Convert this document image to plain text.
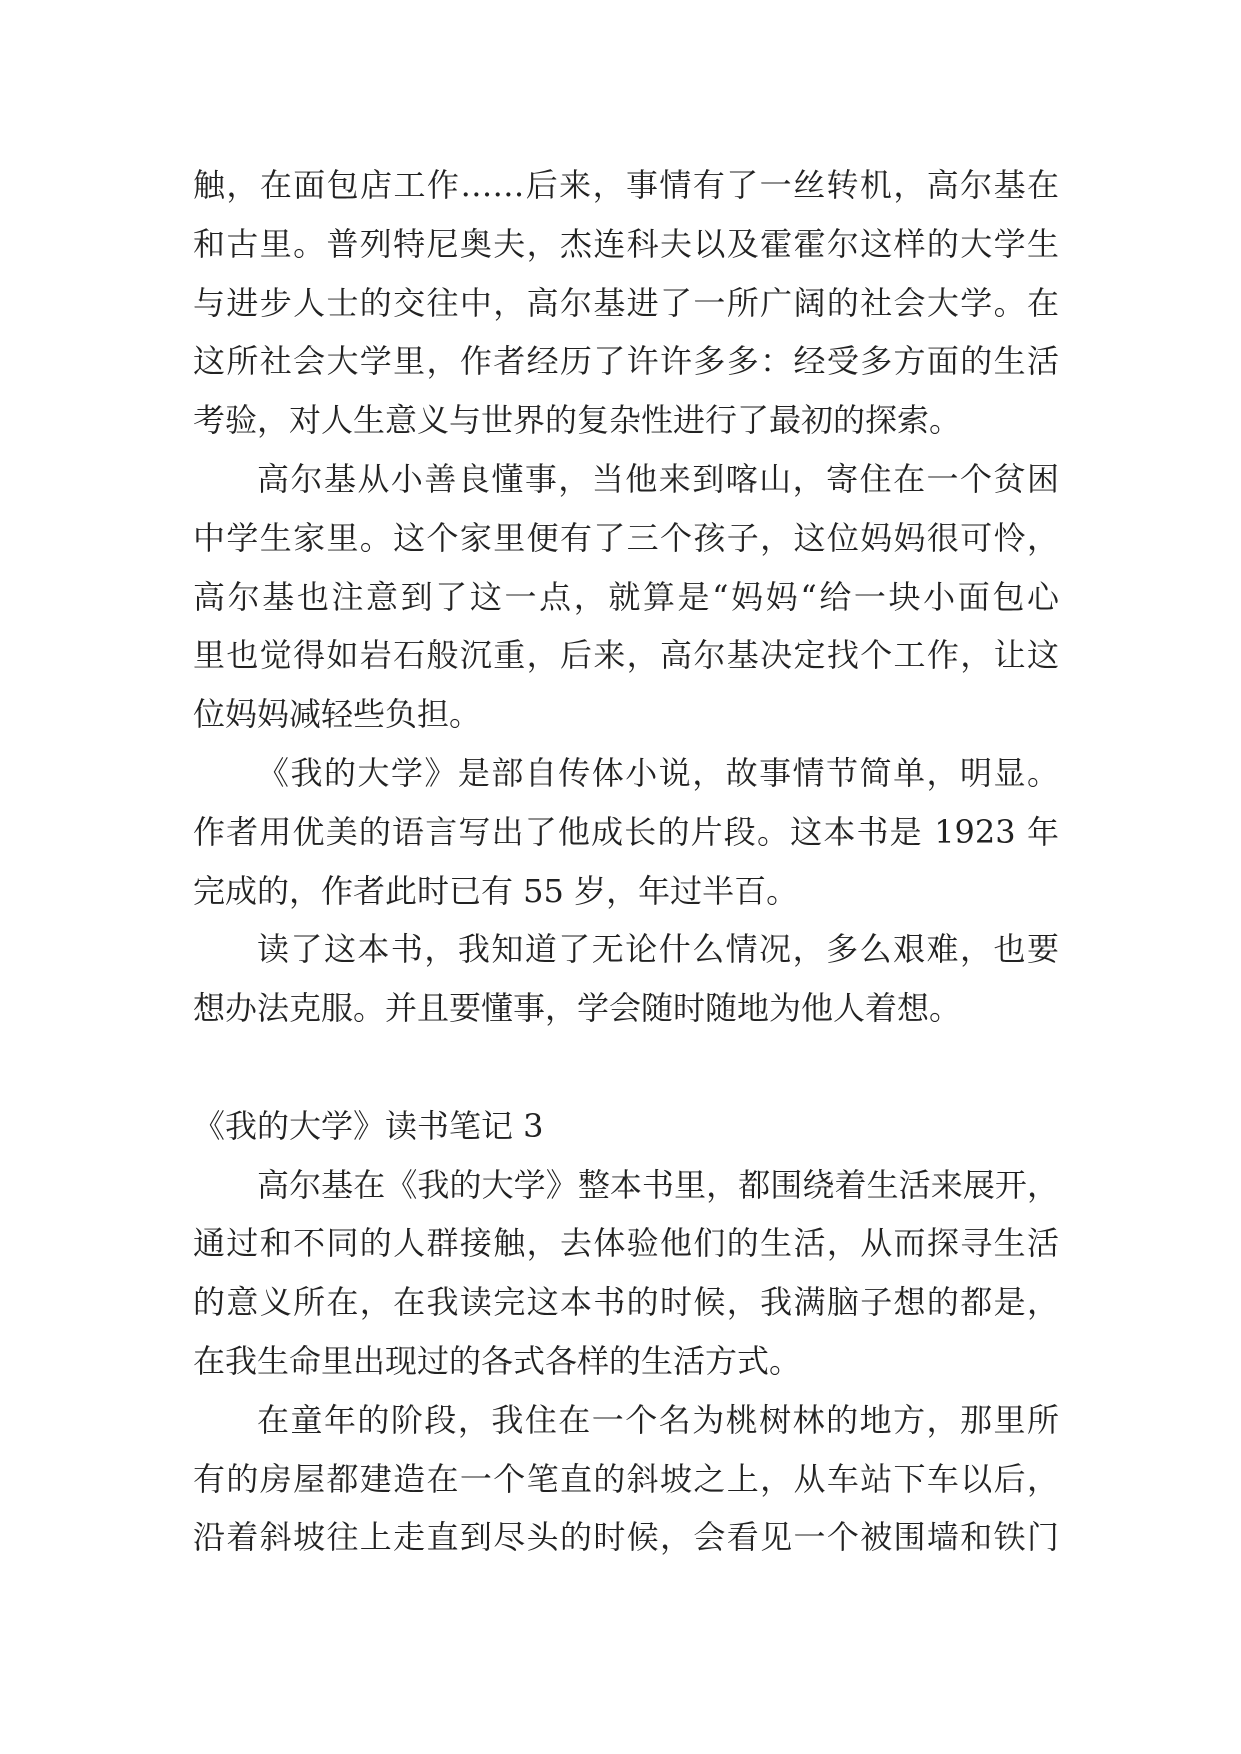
触，在面包店工作……后来，事情有了一丝转机，高尔基在
和古里。普列特尼奥夫，杰连科夫以及霍霍尔这样的大学生
与进步人士的交往中，高尔基进了一所广阔的社会大学。在
这所社会大学里，作者经历了许许多多：经受多方面的生活
考验，对人生意义与世界的复杂性进行了最初的探索。
高尔基从小善良懂事，当他来到喀山，寄住在一个贫困
中学生家里。这个家里便有了三个孩子，这位妈妈很可怜，
高尔基也注意到了这一点，就算是“妈妈“给一块小面包心
里也觉得如岩石般沉重，后来，高尔基决定找个工作，让这
位妈妈减轻些负担。
《我的大学》是部自传体小说，故事情节简单，明显。
作者用优美的语言写出了他成长的片段。这本书是 1923 年
完成的，作者此时已有 55 岁，年过半百。
读了这本书，我知道了无论什么情况，多么艰难，也要
想办法克服。并且要懂事，学会随时随地为他人着想。
《我的大学》读书笔记 3
高尔基在《我的大学》整本书里，都围绕着生活来展开，
通过和不同的人群接触，去体验他们的生活，从而探寻生活
的意义所在，在我读完这本书的时候，我满脑子想的都是，
在我生命里出现过的各式各样的生活方式。
在童年的阶段，我住在一个名为桃树林的地方，那里所
有的房屋都建造在一个笔直的斜坡之上，从车站下车以后，
沿着斜坡往上走直到尽头的时候，会看见一个被围墙和铁门
